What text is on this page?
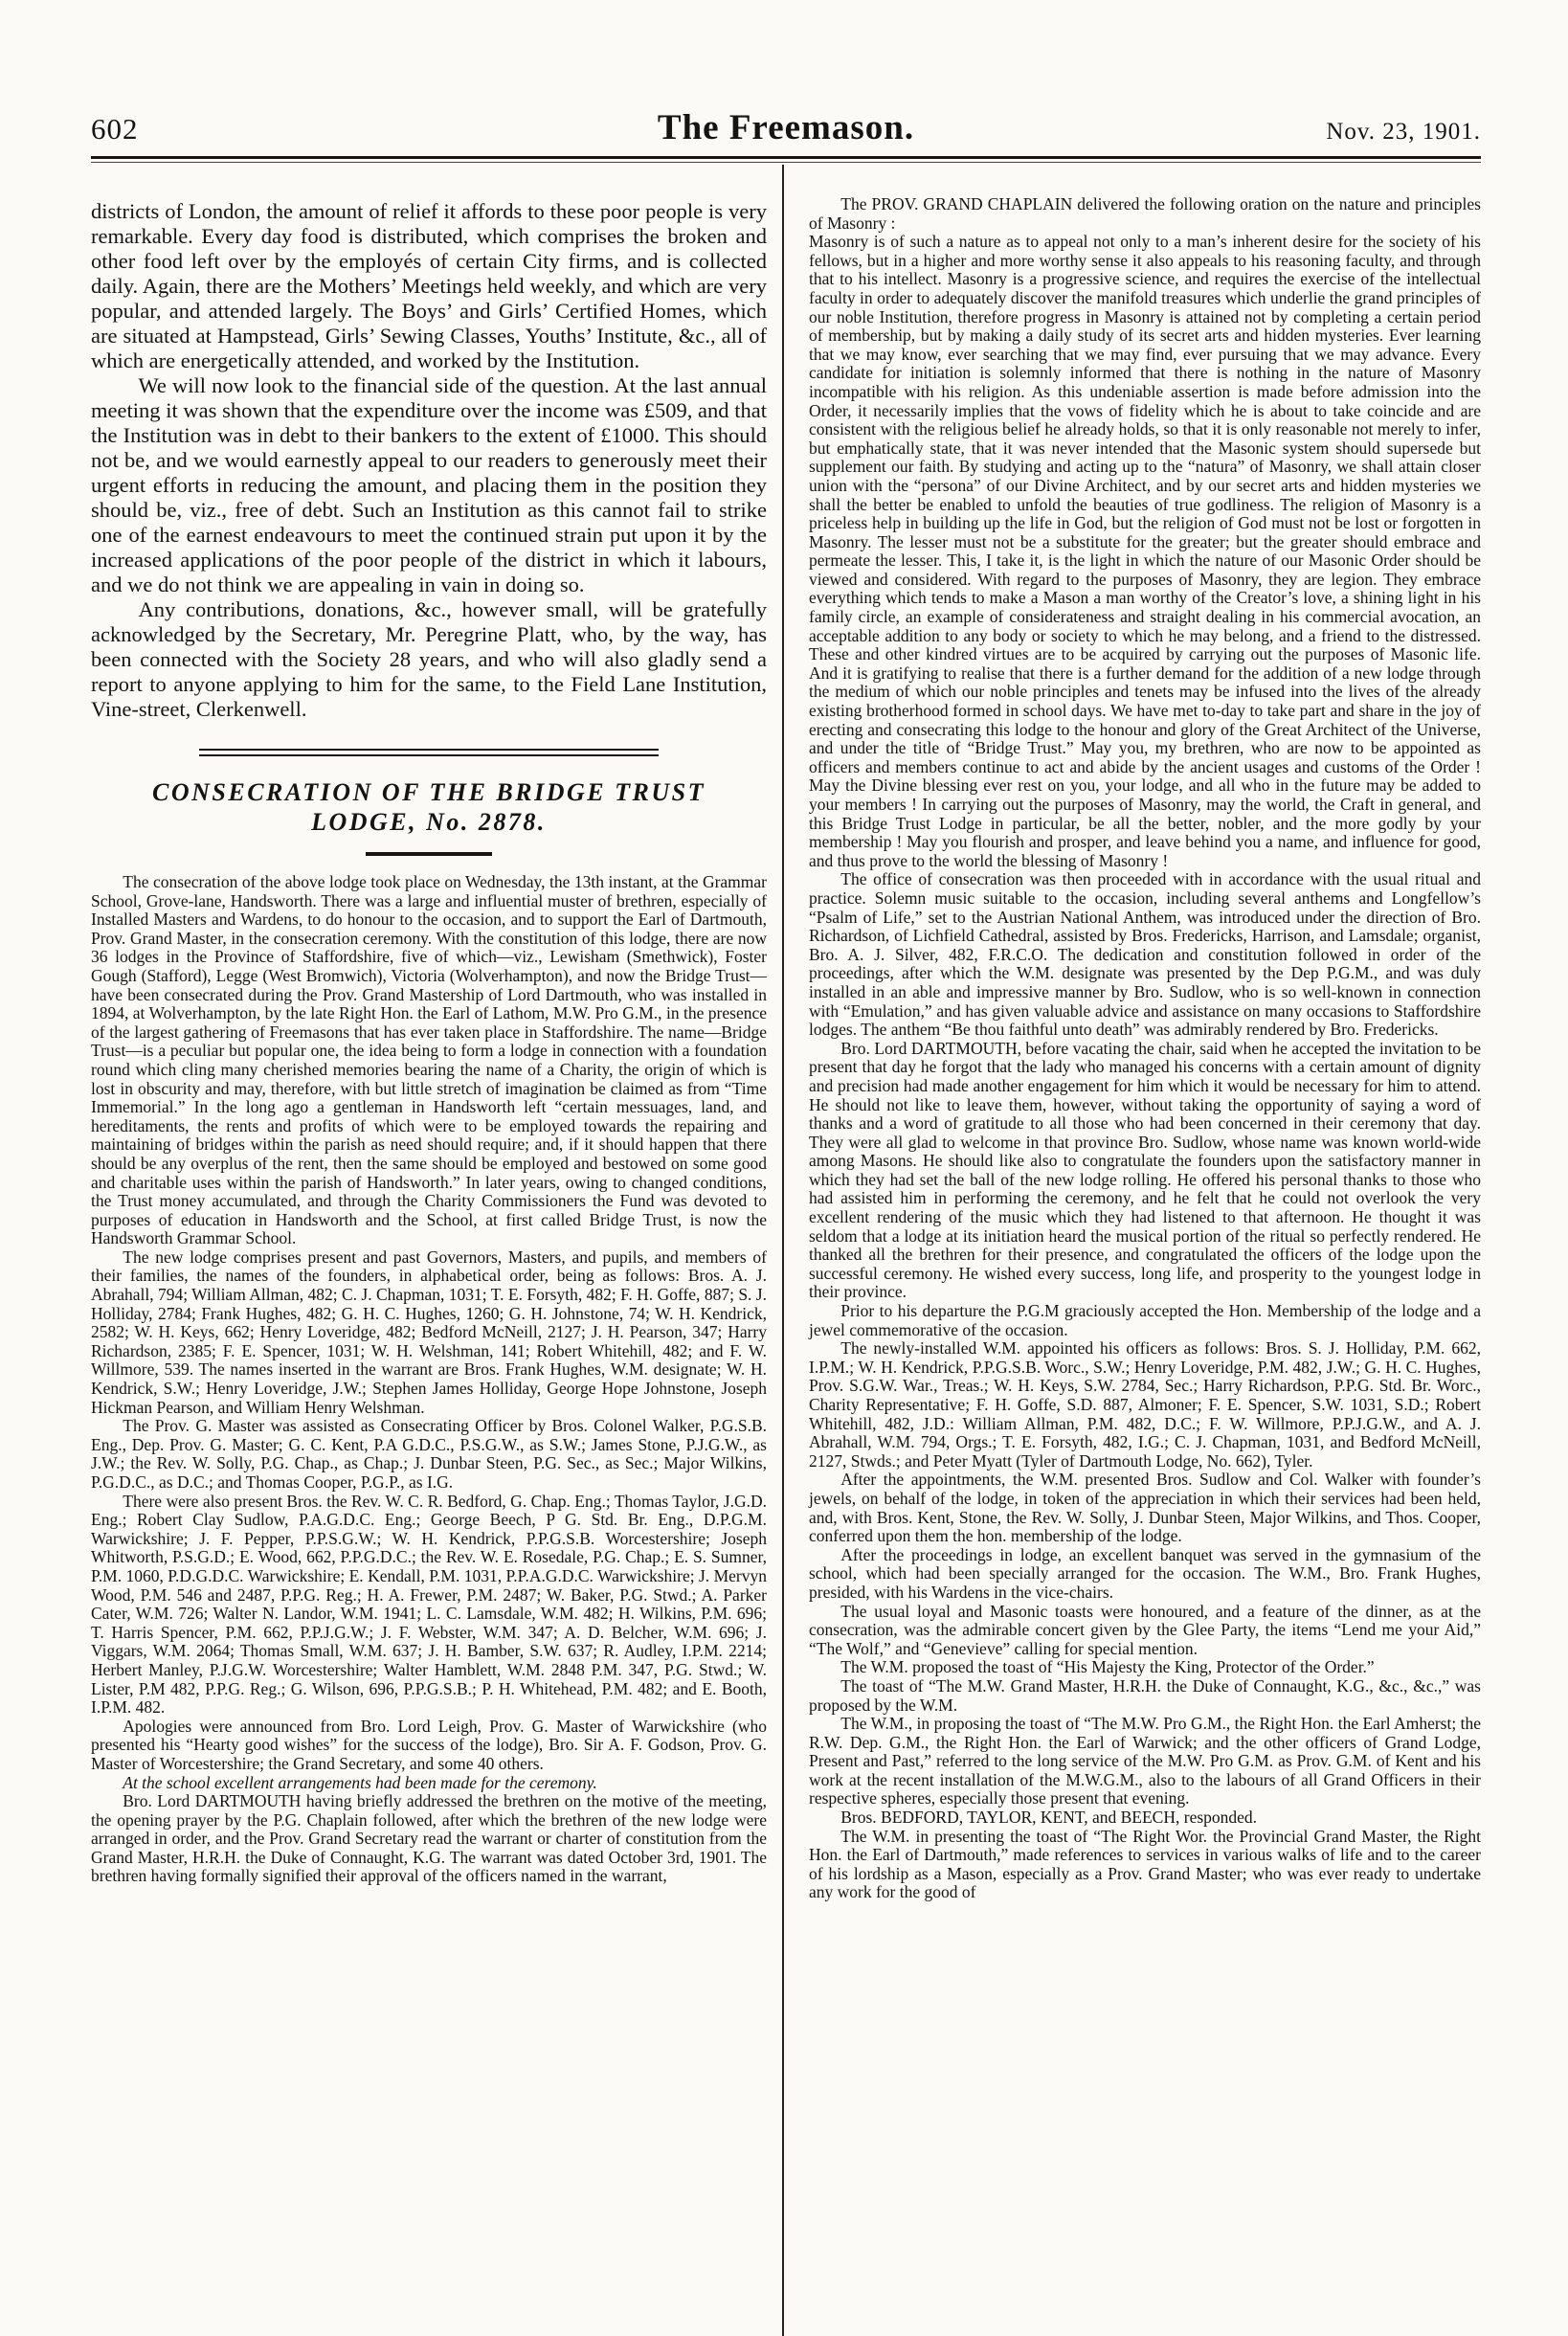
602	The Freemason.	Nov. 23, 1901.

districts of London, the amount of relief it affords to these poor people is very remarkable. Every day food is distributed, which comprises the broken and other food left over by the employés of certain City firms, and is collected daily. Again, there are the Mothers’ Meetings held weekly, and which are very popular, and attended largely. The Boys’ and Girls’ Certified Homes, which are situated at Hampstead, Girls’ Sewing Classes, Youths’ Institute, &c., all of which are energetically attended, and worked by the Institution.

We will now look to the financial side of the question. At the last annual meeting it was shown that the expenditure over the income was £509, and that the Institution was in debt to their bankers to the extent of £1000. This should not be, and we would earnestly appeal to our readers to generously meet their urgent efforts in reducing the amount, and placing them in the position they should be, viz., free of debt. Such an Institution as this cannot fail to strike one of the earnest endeavours to meet the continued strain put upon it by the increased applications of the poor people of the district in which it labours, and we do not think we are appealing in vain in doing so.

Any contributions, donations, &c., however small, will be gratefully acknowledged by the Secretary, Mr. Peregrine Platt, who, by the way, has been connected with the Society 28 years, and who will also gladly send a report to anyone applying to him for the same, to the Field Lane Institution, Vine-street, Clerkenwell.

CONSECRATION OF THE BRIDGE TRUST
LODGE, No. 2878.

The consecration of the above lodge took place on Wednesday, the 13th instant, at the Grammar School, Grove-lane, Handsworth. There was a large and influential muster of brethren, especially of Installed Masters and Wardens, to do honour to the occasion, and to support the Earl of Dartmouth, Prov. Grand Master, in the consecration ceremony. With the constitution of this lodge, there are now 36 lodges in the Province of Staffordshire, five of which—viz., Lewisham (Smethwick), Foster Gough (Stafford), Legge (West Bromwich), Victoria (Wolverhampton), and now the Bridge Trust—have been consecrated during the Prov. Grand Mastership of Lord Dartmouth, who was installed in 1894, at Wolverhampton, by the late Right Hon. the Earl of Lathom, M.W. Pro G.M., in the presence of the largest gathering of Freemasons that has ever taken place in Staffordshire. The name—Bridge Trust—is a peculiar but popular one, the idea being to form a lodge in connection with a foundation round which cling many cherished memories bearing the name of a Charity, the origin of which is lost in obscurity and may, therefore, with but little stretch of imagination be claimed as from “Time Immemorial.” In the long ago a gentleman in Handsworth left “certain messuages, land, and hereditaments, the rents and profits of which were to be employed towards the repairing and maintaining of bridges within the parish as need should require; and, if it should happen that there should be any overplus of the rent, then the same should be employed and bestowed on some good and charitable uses within the parish of Handsworth.” In later years, owing to changed conditions, the Trust money accumulated, and through the Charity Commissioners the Fund was devoted to purposes of education in Handsworth and the School, at first called Bridge Trust, is now the Handsworth Grammar School.

The new lodge comprises present and past Governors, Masters, and pupils, and members of their families, the names of the founders, in alphabetical order, being as follows: Bros. A. J. Abrahall, 794; William Allman, 482; C. J. Chapman, 1031; T. E. Forsyth, 482; F. H. Goffe, 887; S. J. Holliday, 2784; Frank Hughes, 482; G. H. C. Hughes, 1260; G. H. Johnstone, 74; W. H. Kendrick, 2582; W. H. Keys, 662; Henry Loveridge, 482; Bedford McNeill, 2127; J. H. Pearson, 347; Harry Richardson, 2385; F. E. Spencer, 1031; W. H. Welshman, 141; Robert Whitehill, 482; and F. W. Willmore, 539. The names inserted in the warrant are Bros. Frank Hughes, W.M. designate; W. H. Kendrick, S.W.; Henry Loveridge, J.W.; Stephen James Holliday, George Hope Johnstone, Joseph Hickman Pearson, and William Henry Welshman.

The Prov. G. Master was assisted as Consecrating Officer by Bros. Colonel Walker, P.G.S.B. Eng., Dep. Prov. G. Master; G. C. Kent, P.A G.D.C., P.S.G.W., as S.W.; James Stone, P.J.G.W., as J.W.; the Rev. W. Solly, P.G. Chap., as Chap.; J. Dunbar Steen, P.G. Sec., as Sec.; Major Wilkins, P.G.D.C., as D.C.; and Thomas Cooper, P.G.P., as I.G.

There were also present Bros. the Rev. W. C. R. Bedford, G. Chap. Eng.; Thomas Taylor, J.G.D. Eng.; Robert Clay Sudlow, P.A.G.D.C. Eng.; George Beech, P G. Std. Br. Eng., D.P.G.M. Warwickshire; J. F. Pepper, P.P.S.G.W.; W. H. Kendrick, P.P.G.S.B. Worcestershire; Joseph Whitworth, P.S.G.D.; E. Wood, 662, P.P.G.D.C.; the Rev. W. E. Rosedale, P.G. Chap.; E. S. Sumner, P.M. 1060, P.D.G.D.C. Warwickshire; E. Kendall, P.M. 1031, P.P.A.G.D.C. Warwickshire; J. Mervyn Wood, P.M. 546 and 2487, P.P.G. Reg.; H. A. Frewer, P.M. 2487; W. Baker, P.G. Stwd.; A. Parker Cater, W.M. 726; Walter N. Landor, W.M. 1941; L. C. Lamsdale, W.M. 482; H. Wilkins, P.M. 696; T. Harris Spencer, P.M. 662, P.P.J.G.W.; J. F. Webster, W.M. 347; A. D. Belcher, W.M. 696; J. Viggars, W.M. 2064; Thomas Small, W.M. 637; J. H. Bamber, S.W. 637; R. Audley, I.P.M. 2214; Herbert Manley, P.J.G.W. Worcestershire; Walter Hamblett, W.M. 2848 P.M. 347, P.G. Stwd.; W. Lister, P.M 482, P.P.G. Reg.; G. Wilson, 696, P.P.G.S.B.; P. H. Whitehead, P.M. 482; and E. Booth, I.P.M. 482.

Apologies were announced from Bro. Lord Leigh, Prov. G. Master of Warwickshire (who presented his “Hearty good wishes” for the success of the lodge), Bro. Sir A. F. Godson, Prov. G. Master of Worcestershire; the Grand Secretary, and some 40 others.

At the school excellent arrangements had been made for the ceremony.

Bro. Lord DARTMOUTH having briefly addressed the brethren on the motive of the meeting, the opening prayer by the P.G. Chaplain followed, after which the brethren of the new lodge were arranged in order, and the Prov. Grand Secretary read the warrant or charter of constitution from the Grand Master, H.R.H. the Duke of Connaught, K.G. The warrant was dated October 3rd, 1901. The brethren having formally signified their approval of the officers named in the warrant,

The PROV. GRAND CHAPLAIN delivered the following oration on the nature and principles of Masonry :

Masonry is of such a nature as to appeal not only to a man’s inherent desire for the society of his fellows, but in a higher and more worthy sense it also appeals to his reasoning faculty, and through that to his intellect. Masonry is a progressive science, and requires the exercise of the intellectual faculty in order to adequately discover the manifold treasures which underlie the grand principles of our noble Institution, therefore progress in Masonry is attained not by completing a certain period of membership, but by making a daily study of its secret arts and hidden mysteries. Ever learning that we may know, ever searching that we may find, ever pursuing that we may advance. Every candidate for initiation is solemnly informed that there is nothing in the nature of Masonry incompatible with his religion. As this undeniable assertion is made before admission into the Order, it necessarily implies that the vows of fidelity which he is about to take coincide and are consistent with the religious belief he already holds, so that it is only reasonable not merely to infer, but emphatically state, that it was never intended that the Masonic system should supersede but supplement our faith. By studying and acting up to the “natura” of Masonry, we shall attain closer union with the “persona” of our Divine Architect, and by our secret arts and hidden mysteries we shall the better be enabled to unfold the beauties of true godliness. The religion of Masonry is a priceless help in building up the life in God, but the religion of God must not be lost or forgotten in Masonry. The lesser must not be a substitute for the greater; but the greater should embrace and permeate the lesser. This, I take it, is the light in which the nature of our Masonic Order should be viewed and considered. With regard to the purposes of Masonry, they are legion. They embrace everything which tends to make a Mason a man worthy of the Creator’s love, a shining light in his family circle, an example of considerateness and straight dealing in his commercial avocation, an acceptable addition to any body or society to which he may belong, and a friend to the distressed. These and other kindred virtues are to be acquired by carrying out the purposes of Masonic life. And it is gratifying to realise that there is a further demand for the addition of a new lodge through the medium of which our noble principles and tenets may be infused into the lives of the already existing brotherhood formed in school days. We have met to-day to take part and share in the joy of erecting and consecrating this lodge to the honour and glory of the Great Architect of the Universe, and under the title of “Bridge Trust.” May you, my brethren, who are now to be appointed as officers and members continue to act and abide by the ancient usages and customs of the Order ! May the Divine blessing ever rest on you, your lodge, and all who in the future may be added to your members ! In carrying out the purposes of Masonry, may the world, the Craft in general, and this Bridge Trust Lodge in particular, be all the better, nobler, and the more godly by your membership ! May you flourish and prosper, and leave behind you a name, and influence for good, and thus prove to the world the blessing of Masonry !

The office of consecration was then proceeded with in accordance with the usual ritual and practice. Solemn music suitable to the occasion, including several anthems and Longfellow’s “Psalm of Life,” set to the Austrian National Anthem, was introduced under the direction of Bro. Richardson, of Lichfield Cathedral, assisted by Bros. Fredericks, Harrison, and Lamsdale; organist, Bro. A. J. Silver, 482, F.R.C.O. The dedication and constitution followed in order of the proceedings, after which the W.M. designate was presented by the Dep P.G.M., and was duly installed in an able and impressive manner by Bro. Sudlow, who is so well-known in connection with “Emulation,” and has given valuable advice and assistance on many occasions to Staffordshire lodges. The anthem “Be thou faithful unto death” was admirably rendered by Bro. Fredericks.

Bro. Lord DARTMOUTH, before vacating the chair, said when he accepted the invitation to be present that day he forgot that the lady who managed his concerns with a certain amount of dignity and precision had made another engagement for him which it would be necessary for him to attend. He should not like to leave them, however, without taking the opportunity of saying a word of thanks and a word of gratitude to all those who had been concerned in their ceremony that day. They were all glad to welcome in that province Bro. Sudlow, whose name was known world-wide among Masons. He should like also to congratulate the founders upon the satisfactory manner in which they had set the ball of the new lodge rolling. He offered his personal thanks to those who had assisted him in performing the ceremony, and he felt that he could not overlook the very excellent rendering of the music which they had listened to that afternoon. He thought it was seldom that a lodge at its initiation heard the musical portion of the ritual so perfectly rendered. He thanked all the brethren for their presence, and congratulated the officers of the lodge upon the successful ceremony. He wished every success, long life, and prosperity to the youngest lodge in their province.

Prior to his departure the P.G.M graciously accepted the Hon. Membership of the lodge and a jewel commemorative of the occasion.

The newly-installed W.M. appointed his officers as follows: Bros. S. J. Holliday, P.M. 662, I.P.M.; W. H. Kendrick, P.P.G.S.B. Worc., S.W.; Henry Loveridge, P.M. 482, J.W.; G. H. C. Hughes, Prov. S.G.W. War., Treas.; W. H. Keys, S.W. 2784, Sec.; Harry Richardson, P.P.G. Std. Br. Worc., Charity Representative; F. H. Goffe, S.D. 887, Almoner; F. E. Spencer, S.W. 1031, S.D.; Robert Whitehill, 482, J.D.: William Allman, P.M. 482, D.C.; F. W. Willmore, P.P.J.G.W., and A. J. Abrahall, W.M. 794, Orgs.; T. E. Forsyth, 482, I.G.; C. J. Chapman, 1031, and Bedford McNeill, 2127, Stwds.; and Peter Myatt (Tyler of Dartmouth Lodge, No. 662), Tyler.

After the appointments, the W.M. presented Bros. Sudlow and Col. Walker with founder’s jewels, on behalf of the lodge, in token of the appreciation in which their services had been held, and, with Bros. Kent, Stone, the Rev. W. Solly, J. Dunbar Steen, Major Wilkins, and Thos. Cooper, conferred upon them the hon. membership of the lodge.

After the proceedings in lodge, an excellent banquet was served in the gymnasium of the school, which had been specially arranged for the occasion. The W.M., Bro. Frank Hughes, presided, with his Wardens in the vice-chairs.

The usual loyal and Masonic toasts were honoured, and a feature of the dinner, as at the consecration, was the admirable concert given by the Glee Party, the items “Lend me your Aid,” “The Wolf,” and “Genevieve” calling for special mention.

The W.M. proposed the toast of “His Majesty the King, Protector of the Order.”

The toast of “The M.W. Grand Master, H.R.H. the Duke of Connaught, K.G., &c., &c.,” was proposed by the W.M.

The W.M., in proposing the toast of “The M.W. Pro G.M., the Right Hon. the Earl Amherst; the R.W. Dep. G.M., the Right Hon. the Earl of Warwick; and the other officers of Grand Lodge, Present and Past,” referred to the long service of the M.W. Pro G.M. as Prov. G.M. of Kent and his work at the recent installation of the M.W.G.M., also to the labours of all Grand Officers in their respective spheres, especially those present that evening.

Bros. BEDFORD, TAYLOR, KENT, and BEECH, responded.

The W.M. in presenting the toast of “The Right Wor. the Provincial Grand Master, the Right Hon. the Earl of Dartmouth,” made references to services in various walks of life and to the career of his lordship as a Mason, especially as a Prov. Grand Master; who was ever ready to undertake any work for the good of
